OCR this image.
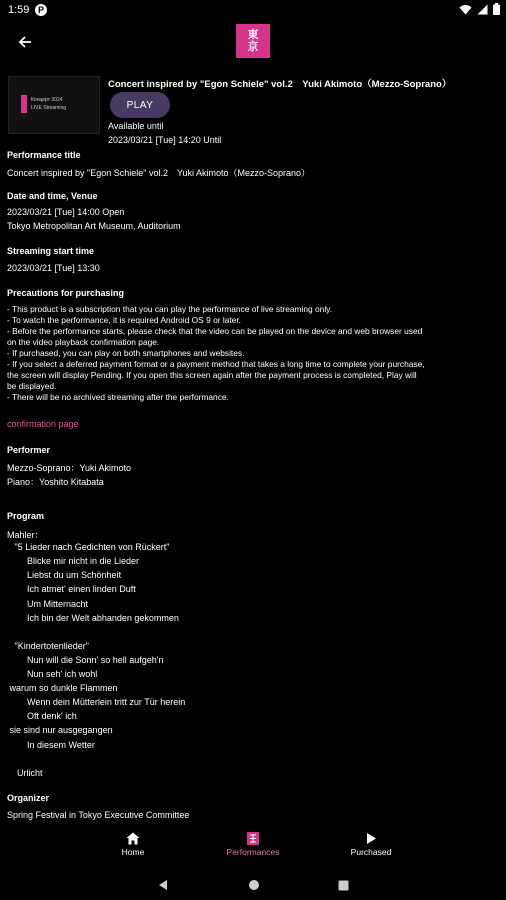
1:59 P
東
京
Концерт 2024
LIVE Streaming
Concert inspired by "Egon Schiele" vol.2　Yuki Akimoto（Mezzo-Soprano）
PLAY
Available until
2023/03/21 [Tue] 14:20 Until
Performance title
Concert inspired by "Egon Schiele" vol.2　Yuki Akimoto（Mezzo-Soprano）
Date and time, Venue
2023/03/21 [Tue] 14:00 Open
Tokyo Metropolitan Art Museum, Auditorium
Streaming start time
2023/03/21 [Tue] 13:30
Precautions for purchasing
- This product is a subscription that you can play the performance of live streaming only.
- To watch the performance, it is required Android OS 9 or later.
- Before the performance starts, please check that the video can be played on the device and web browser used
on the video playback confirmation page.
- If purchased, you can play on both smartphones and websites.
- If you select a deferred payment format or a payment method that takes a long time to complete your purchase,
the screen will display Pending. If you open this screen again after the payment process is completed, Play will
be displayed.
- There will be no archived streaming after the performance.
confirmation page
Performer
Mezzo-Soprano：Yuki Akimoto
Piano：Yoshito Kitabata
Program
Mahler：
"5 Lieder nach Gedichten von Rückert"
Blicke mir nicht in die Lieder
Liebst du um Schönheit
Ich atmet' einen linden Duft
Um Mitternacht
Ich bin der Welt abhanden gekommen
"Kindertotenlieder"
Nun will die Sonn' so hell aufgeh'n
Nun seh' ich wohl
warum so dunkle Flammen
Wenn dein Mütterlein tritt zur Tür herein
Oft denk' ich
sie sind nur ausgegangen
In diesem Wetter
Urlicht
Organizer
Spring Festival in Tokyo Executive Committee
Home	Performances	Purchased
